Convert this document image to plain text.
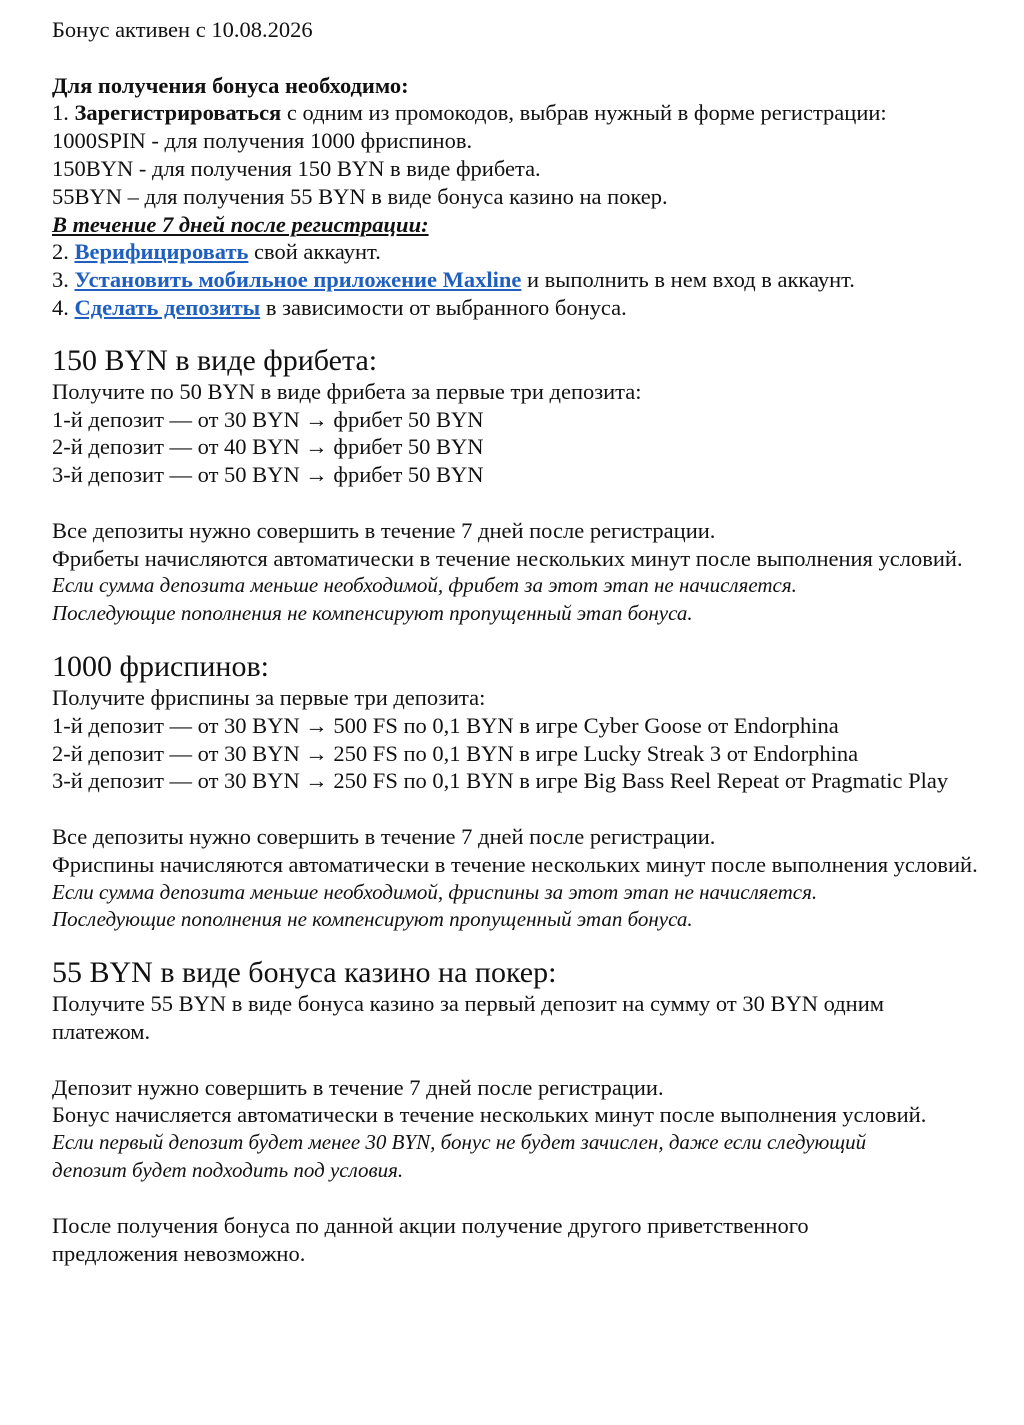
Бонус активен с 10.08.2026
Для получения бонуса необходимо:
1. Зарегистрироваться с одним из промокодов, выбрав нужный в форме регистрации:
1000SPIN - для получения 1000 фриспинов.
150BYN - для получения 150 BYN в виде фрибета.
55BYN – для получения 55 BYN в виде бонуса казино на покер.
В течение 7 дней после регистрации:
2. Верифицировать свой аккаунт.
3. Установить мобильное приложение Maxline и выполнить в нем вход в аккаунт.
4. Сделать депозиты в зависимости от выбранного бонуса.
150 BYN в виде фрибета:
Получите по 50 BYN в виде фрибета за первые три депозита:
1-й депозит — от 30 BYN → фрибет 50 BYN
2-й депозит — от 40 BYN → фрибет 50 BYN
3-й депозит — от 50 BYN → фрибет 50 BYN
Все депозиты нужно совершить в течение 7 дней после регистрации.
Фрибеты начисляются автоматически в течение нескольких минут после выполнения условий.
Если сумма депозита меньше необходимой, фрибет за этот этап не начисляется.
Последующие пополнения не компенсируют пропущенный этап бонуса.
1000 фриспинов:
Получите фриспины за первые три депозита:
1-й депозит — от 30 BYN → 500 FS по 0,1 BYN в игре Cyber Goose от Endorphina
2-й депозит — от 30 BYN → 250 FS по 0,1 BYN в игре Lucky Streak 3 от Endorphina
3-й депозит — от 30 BYN → 250 FS по 0,1 BYN в игре Big Bass Reel Repeat от Pragmatic Play
Все депозиты нужно совершить в течение 7 дней после регистрации.
Фриспины начисляются автоматически в течение нескольких минут после выполнения условий.
Если сумма депозита меньше необходимой, фриспины за этот этап не начисляется.
Последующие пополнения не компенсируют пропущенный этап бонуса.
55 BYN в виде бонуса казино на покер:
Получите 55 BYN в виде бонуса казино за первый депозит на сумму от 30 BYN одним платежом.
Депозит нужно совершить в течение 7 дней после регистрации.
Бонус начисляется автоматически в течение нескольких минут после выполнения условий.
Если первый депозит будет менее 30 BYN, бонус не будет зачислен, даже если следующий депозит будет подходить под условия.
После получения бонуса по данной акции получение другого приветственного предложения невозможно.
